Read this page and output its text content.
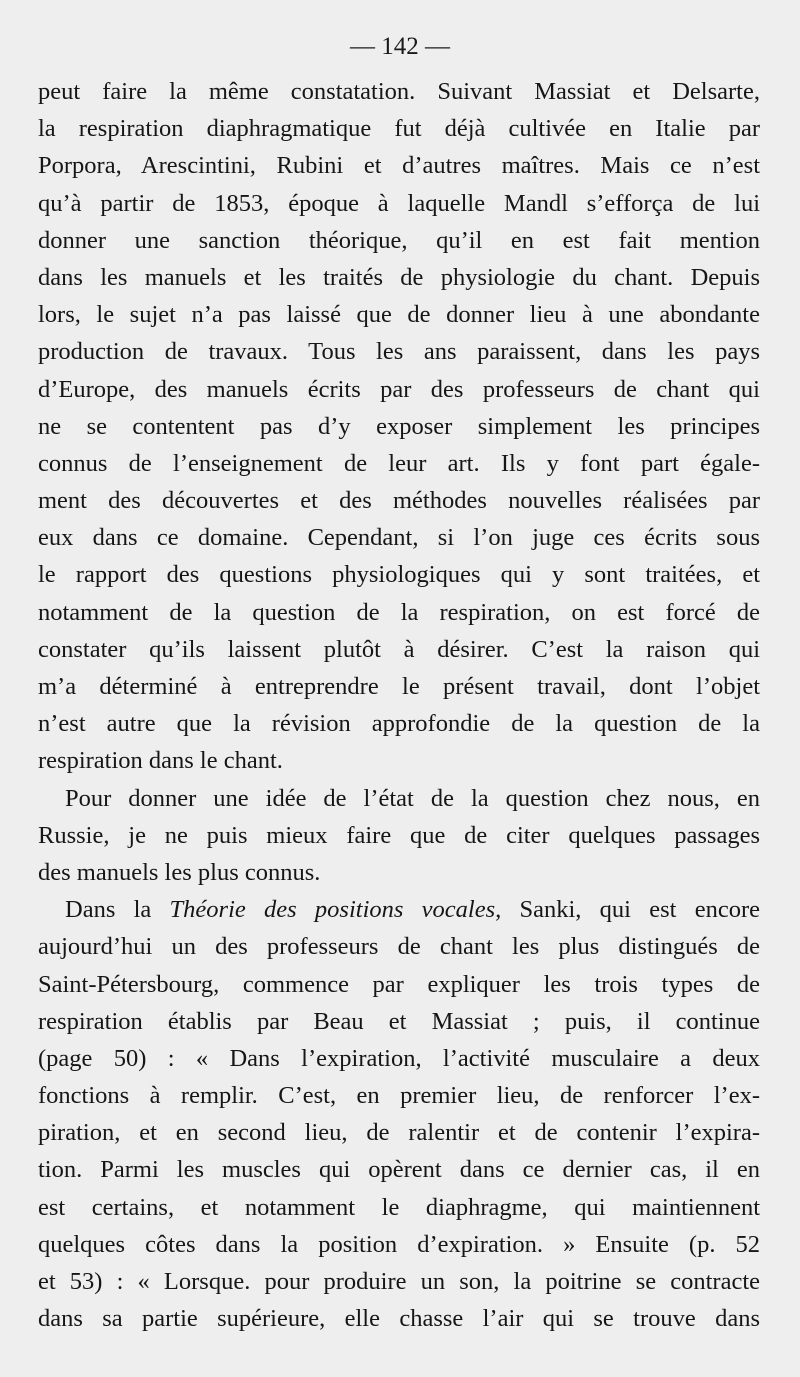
— 142 —
peut faire la même constatation. Suivant Massiat et Delsarte,
la respiration diaphragmatique fut déjà cultivée en Italie par
Porpora, Arescintini, Rubini et d’autres maîtres. Mais ce n’est
qu’à partir de 1853, époque à laquelle Mandl s’efforça de lui
donner une sanction théorique, qu’il en est fait mention
dans les manuels et les traités de physiologie du chant. Depuis
lors, le sujet n’a pas laissé que de donner lieu à une abondante
production de travaux. Tous les ans paraissent, dans les pays
d’Europe, des manuels écrits par des professeurs de chant qui
ne se contentent pas d’y exposer simplement les principes
connus de l’enseignement de leur art. Ils y font part égale-
ment des découvertes et des méthodes nouvelles réalisées par
eux dans ce domaine. Cependant, si l’on juge ces écrits sous
le rapport des questions physiologiques qui y sont traitées, et
notamment de la question de la respiration, on est forcé de
constater qu’ils laissent plutôt à désirer. C’est la raison qui
m’a déterminé à entreprendre le présent travail, dont l’objet
n’est autre que la révision approfondie de la question de la
respiration dans le chant.
Pour donner une idée de l’état de la question chez nous, en
Russie, je ne puis mieux faire que de citer quelques passages
des manuels les plus connus.
Dans la Théorie des positions vocales, Sanki, qui est encore
aujourd’hui un des professeurs de chant les plus distingués de
Saint-Pétersbourg, commence par expliquer les trois types de
respiration établis par Beau et Massiat ; puis, il continue
(page 50) : « Dans l’expiration, l’activité musculaire a deux
fonctions à remplir. C’est, en premier lieu, de renforcer l’ex-
piration, et en second lieu, de ralentir et de contenir l’expira-
tion. Parmi les muscles qui opèrent dans ce dernier cas, il en
est certains, et notamment le diaphragme, qui maintiennent
quelques côtes dans la position d’expiration. » Ensuite (p. 52
et 53) : « Lorsque. pour produire un son, la poitrine se contracte
dans sa partie supérieure, elle chasse l’air qui se trouve dans
